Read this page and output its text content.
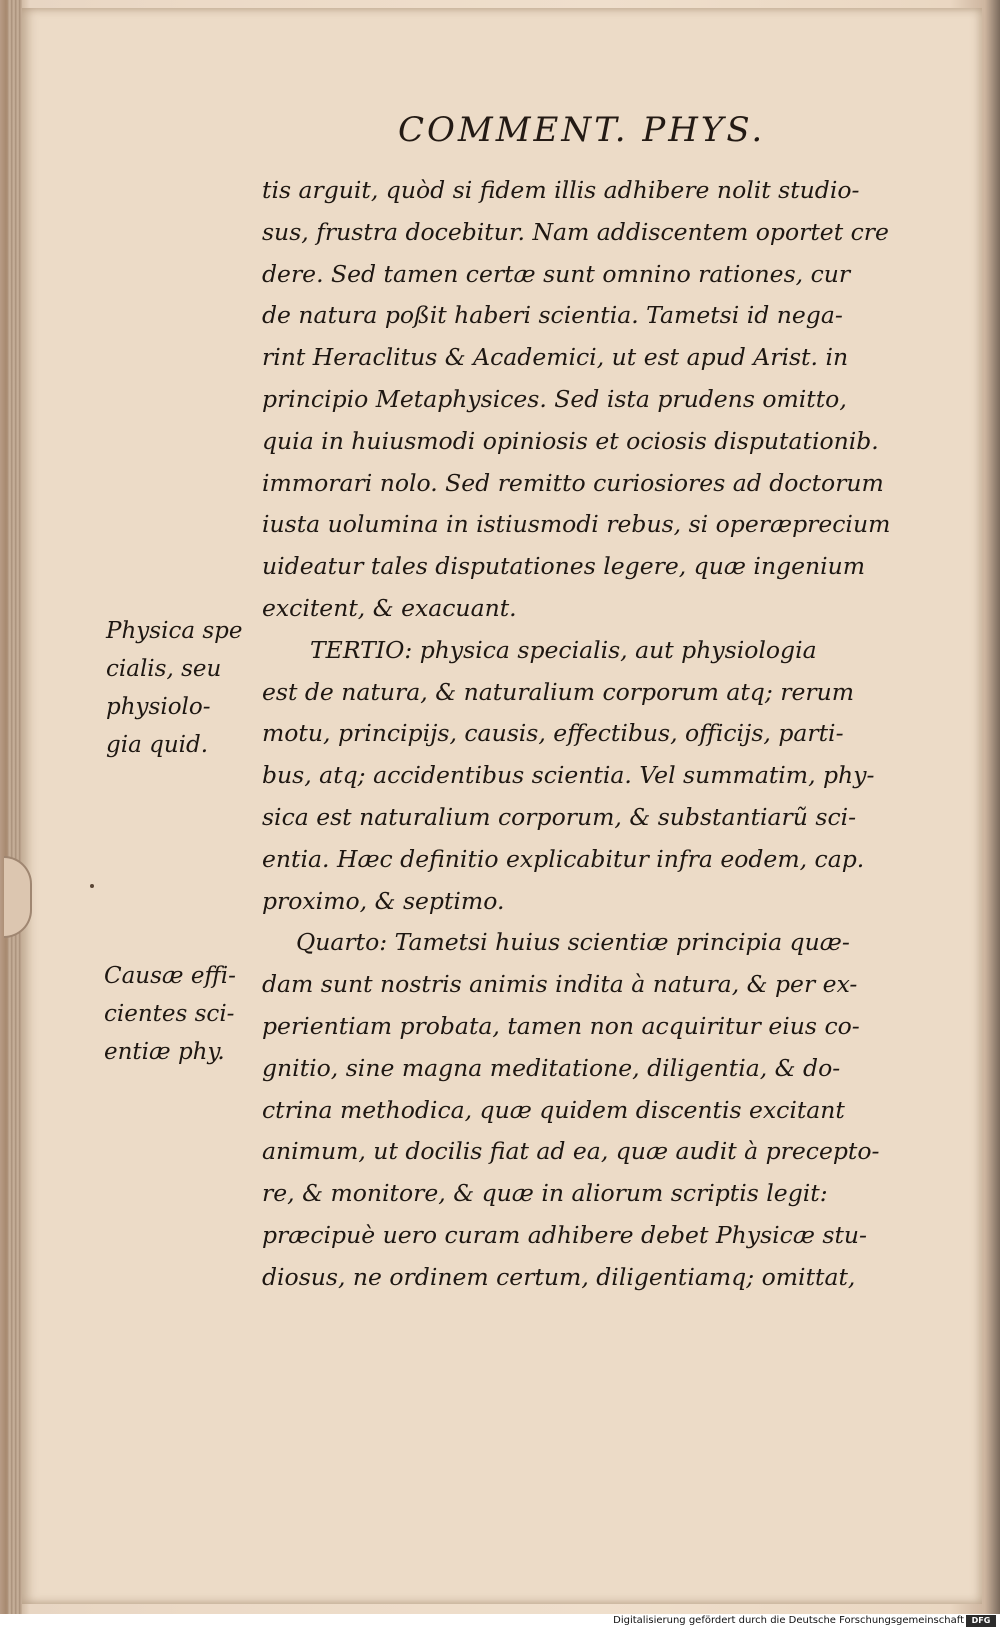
COMMENT. PHYS.
tis arguit, quòd si fidem illis adhibere nolit studio-
sus, frustra docebitur. Nam addiscentem oportet cre
dere. Sed tamen certæ sunt omnino rationes, cur
de natura poßit haberi scientia. Tametsi id nega-
rint Heraclitus & Academici, ut est apud Arist. in
principio Metaphysices. Sed ista prudens omitto,
quia in huiusmodi opiniosis et ociosis disputationib.
immorari nolo. Sed remitto curiosiores ad doctorum
iusta uolumina in istiusmodi rebus, si operæprecium
uideatur tales disputationes legere, quæ ingenium
excitent, & exacuant.
TERTIO: physica specialis, aut physiologia
est de natura, & naturalium corporum atq; rerum
motu, principijs, causis, effectibus, officijs, parti-
bus, atq; accidentibus scientia. Vel summatim, phy-
sica est naturalium corporum, & substantiarũ sci-
entia. Hæc definitio explicabitur infra eodem, cap.
proximo, & septimo.
Quarto: Tametsi huius scientiæ principia quæ-
dam sunt nostris animis indita à natura, & per ex-
perientiam probata, tamen non acquiritur eius co-
gnitio, sine magna meditatione, diligentia, & do-
ctrina methodica, quæ quidem discentis excitant
animum, ut docilis fiat ad ea, quæ audit à precepto-
re, & monitore, & quæ in aliorum scriptis legit:
præcipuè uero curam adhibere debet Physicæ stu-
diosus, ne ordinem certum, diligentiamq; omittat,
Physica spe
cialis, seu
physiolo-
gia quid.
Causæ effi-
cientes sci-
entiæ phy.
Digitalisierung gefördert durch die Deutsche Forschungsgemeinschaft DFG
